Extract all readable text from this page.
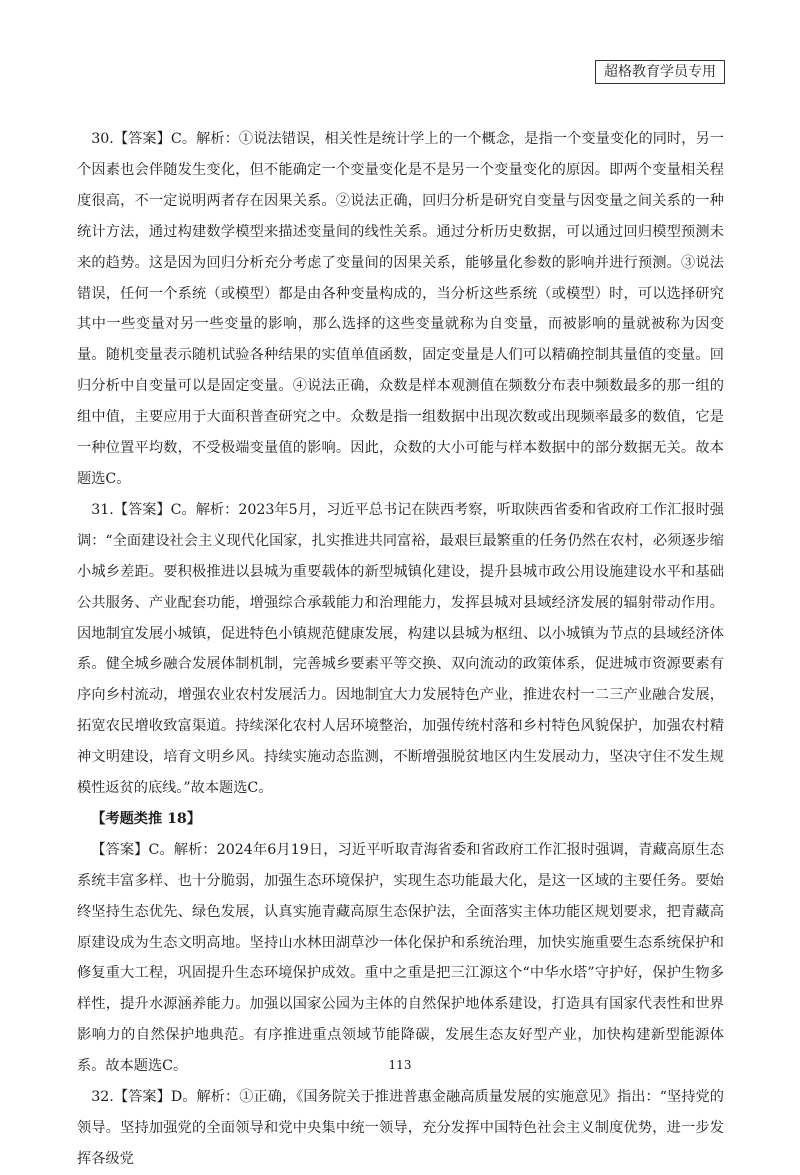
超格教育学员专用

30.【答案】C。解析：①说法错误，相关性是统计学上的一个概念，是指一个变量变化的同时，另一个因素也会伴随发生变化，但不能确定一个变量变化是不是另一个变量变化的原因。即两个变量相关程度很高，不一定说明两者存在因果关系。②说法正确，回归分析是研究自变量与因变量之间关系的一种统计方法，通过构建数学模型来描述变量间的线性关系。通过分析历史数据，可以通过回归模型预测未来的趋势。这是因为回归分析充分考虑了变量间的因果关系，能够量化参数的影响并进行预测。③说法错误，任何一个系统（或模型）都是由各种变量构成的，当分析这些系统（或模型）时，可以选择研究其中一些变量对另一些变量的影响，那么选择的这些变量就称为自变量，而被影响的量就被称为因变量。随机变量表示随机试验各种结果的实值单值函数，固定变量是人们可以精确控制其量值的变量。回归分析中自变量可以是固定变量。④说法正确，众数是样本观测值在频数分布表中频数最多的那一组的组中值，主要应用于大面积普查研究之中。众数是指一组数据中出现次数或出现频率最多的数值，它是一种位置平均数，不受极端变量值的影响。因此，众数的大小可能与样本数据中的部分数据无关。故本题选C。

31.【答案】C。解析：2023年5月，习近平总书记在陕西考察，听取陕西省委和省政府工作汇报时强调：“全面建设社会主义现代化国家，扎实推进共同富裕，最艰巨最繁重的任务仍然在农村，必须逐步缩小城乡差距。要积极推进以县城为重要载体的新型城镇化建设，提升县城市政公用设施建设水平和基础公共服务、产业配套功能，增强综合承载能力和治理能力，发挥县城对县域经济发展的辐射带动作用。因地制宜发展小城镇，促进特色小镇规范健康发展，构建以县城为枢纽、以小城镇为节点的县域经济体系。健全城乡融合发展体制机制，完善城乡要素平等交换、双向流动的政策体系，促进城市资源要素有序向乡村流动，增强农业农村发展活力。因地制宜大力发展特色产业，推进农村一二三产业融合发展，拓宽农民增收致富渠道。持续深化农村人居环境整治，加强传统村落和乡村特色风貌保护，加强农村精神文明建设，培育文明乡风。持续实施动态监测，不断增强脱贫地区内生发展动力，坚决守住不发生规模性返贫的底线。”故本题选C。

【考题类推 18】

【答案】C。解析：2024年6月19日，习近平听取青海省委和省政府工作汇报时强调，青藏高原生态系统丰富多样、也十分脆弱，加强生态环境保护，实现生态功能最大化，是这一区域的主要任务。要始终坚持生态优先、绿色发展，认真实施青藏高原生态保护法，全面落实主体功能区规划要求，把青藏高原建设成为生态文明高地。坚持山水林田湖草沙一体化保护和系统治理，加快实施重要生态系统保护和修复重大工程，巩固提升生态环境保护成效。重中之重是把三江源这个“中华水塔”守护好，保护生物多样性，提升水源涵养能力。加强以国家公园为主体的自然保护地体系建设，打造具有国家代表性和世界影响力的自然保护地典范。有序推进重点领域节能降碳，发展生态友好型产业，加快构建新型能源体系。故本题选C。

32.【答案】D。解析：①正确，《国务院关于推进普惠金融高质量发展的实施意见》指出：“坚持党的领导。坚持加强党的全面领导和党中央集中统一领导，充分发挥中国特色社会主义制度优势，进一步发挥各级党

113
